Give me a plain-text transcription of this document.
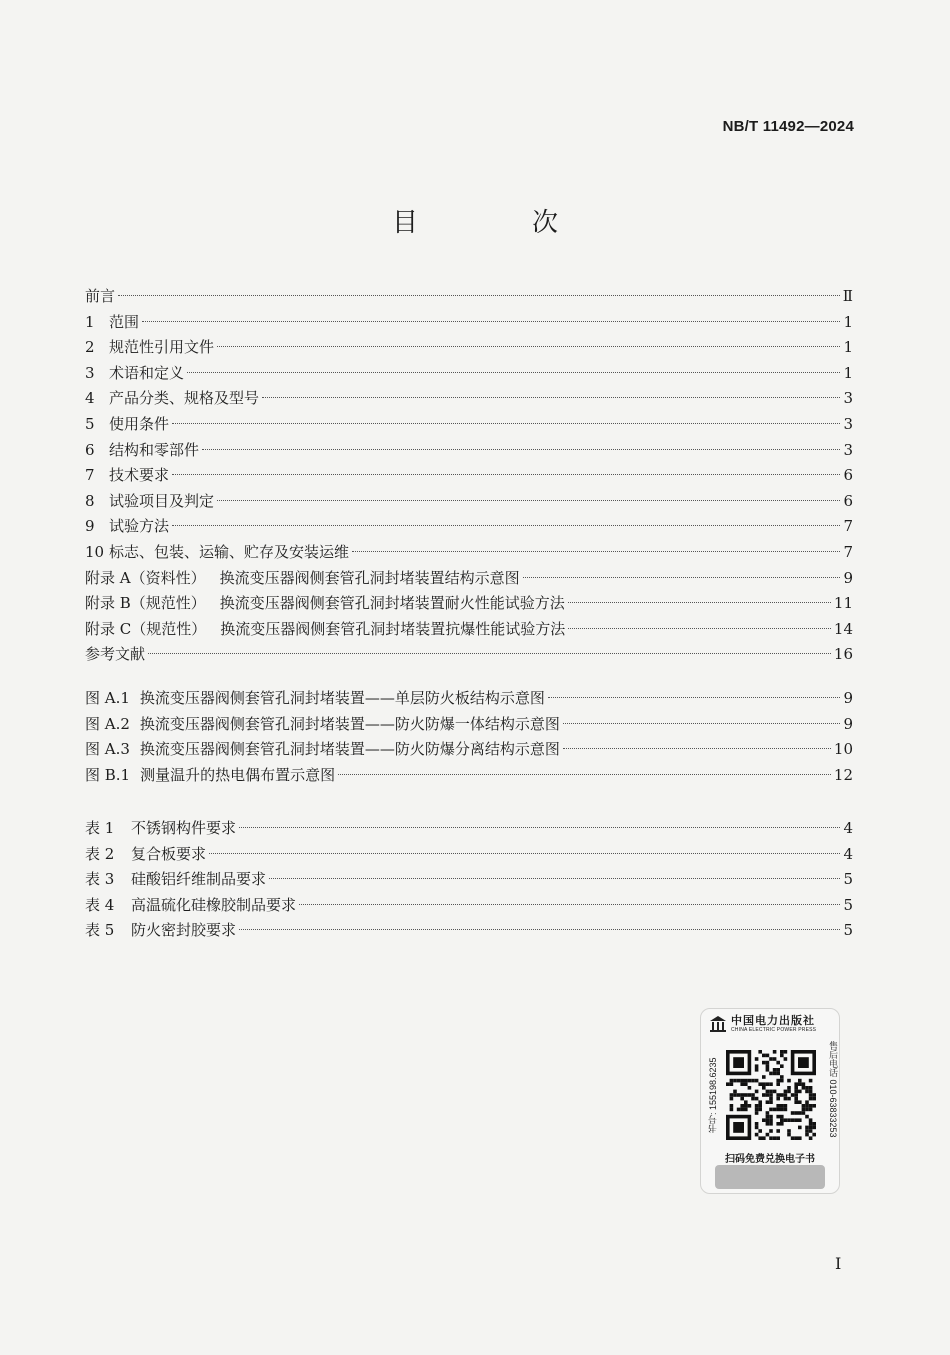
NB/T 11492—2024
目　次
前言	Ⅱ
1 范围	1
2 规范性引用文件	1
3 术语和定义	1
4 产品分类、规格及型号	3
5 使用条件	3
6 结构和零部件	3
7 技术要求	6
8 试验项目及判定	6
9 试验方法	7
10 标志、包装、运输、贮存及安装运维	7
附录 A（资料性） 换流变压器阀侧套管孔洞封堵装置结构示意图	9
附录 B（规范性） 换流变压器阀侧套管孔洞封堵装置耐火性能试验方法	11
附录 C（规范性） 换流变压器阀侧套管孔洞封堵装置抗爆性能试验方法	14
参考文献	16
图 A.1 换流变压器阀侧套管孔洞封堵装置——单层防火板结构示意图	9
图 A.2 换流变压器阀侧套管孔洞封堵装置——防火防爆一体结构示意图	9
图 A.3 换流变压器阀侧套管孔洞封堵装置——防火防爆分离结构示意图	10
图 B.1 测量温升的热电偶布置示意图	12
表 1	不锈钢构件要求	4
表 2	复合板要求	4
表 3	硅酸铝纤维制品要求	5
表 4	高温硫化硅橡胶制品要求	5
表 5	防火密封胶要求	5
中国电力出版社
CHINA ELECTRIC POWER PRESS
书号: 155198.6235	售后电话 010-63833253
扫码免费兑换电子书
I
